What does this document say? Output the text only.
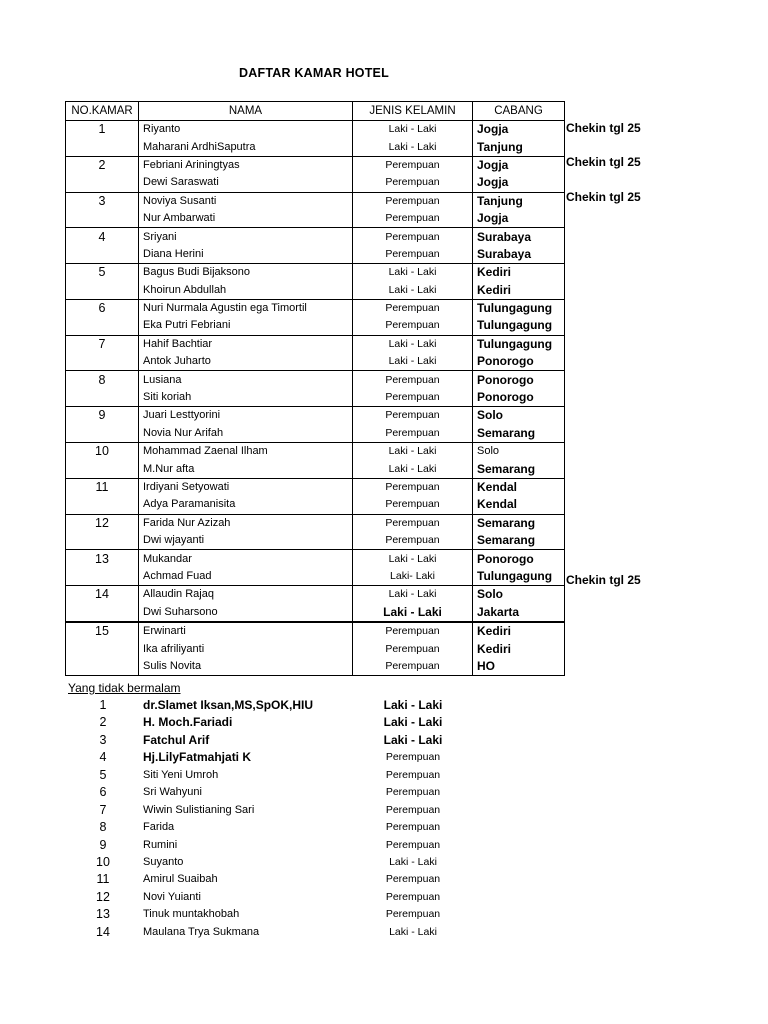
DAFTAR KAMAR HOTEL
NO.KAMAR	NAMA	JENIS KELAMIN	CABANG
1	Riyanto	Laki - Laki	Jogja
	Maharani ArdhiSaputra	Laki - Laki	Tanjung
2	Febriani Ariningtyas	Perempuan	Jogja
	Dewi Saraswati	Perempuan	Jogja
3	Noviya Susanti	Perempuan	Tanjung
	Nur Ambarwati	Perempuan	Jogja
4	Sriyani	Perempuan	Surabaya
	Diana Herini	Perempuan	Surabaya
5	Bagus Budi Bijaksono	Laki - Laki	Kediri
	Khoirun Abdullah	Laki - Laki	Kediri
6	Nuri Nurmala Agustin ega Timortil	Perempuan	Tulungagung
	Eka Putri Febriani	Perempuan	Tulungagung
7	Hahif Bachtiar	Laki - Laki	Tulungagung
	Antok Juharto	Laki - Laki	Ponorogo
8	Lusiana	Perempuan	Ponorogo
	Siti koriah	Perempuan	Ponorogo
9	Juari Lesttyorini	Perempuan	Solo
	Novia Nur Arifah	Perempuan	Semarang
10	Mohammad Zaenal Ilham	Laki - Laki	Solo
	M.Nur afta	Laki - Laki	Semarang
11	Irdiyani Setyowati	Perempuan	Kendal
	Adya Paramanisita	Perempuan	Kendal
12	Farida Nur Azizah	Perempuan	Semarang
	Dwi wjayanti	Perempuan	Semarang
13	Mukandar	Laki - Laki	Ponorogo
	Achmad Fuad	Laki- Laki	Tulungagung
14	Allaudin Rajaq	Laki - Laki	Solo
	Dwi Suharsono	Laki - Laki	Jakarta
15	Erwinarti	Perempuan	Kediri
	Ika afriliyanti	Perempuan	Kediri
	Sulis Novita	Perempuan	HO
Chekin tgl 25
Chekin tgl 25
Chekin tgl 25
Chekin tgl 25
Yang tidak bermalam
1	dr.Slamet Iksan,MS,SpOK,HIU	Laki - Laki
2	H. Moch.Fariadi	Laki - Laki
3	Fatchul Arif	Laki - Laki
4	Hj.LilyFatmahjati K	Perempuan
5	Siti Yeni Umroh	Perempuan
6	Sri Wahyuni	Perempuan
7	Wiwin Sulistianing Sari	Perempuan
8	Farida	Perempuan
9	Rumini	Perempuan
10	Suyanto	Laki - Laki
11	Amirul Suaibah	Perempuan
12	Novi Yuianti	Perempuan
13	Tinuk muntakhobah	Perempuan
14	Maulana Trya Sukmana	Laki - Laki
